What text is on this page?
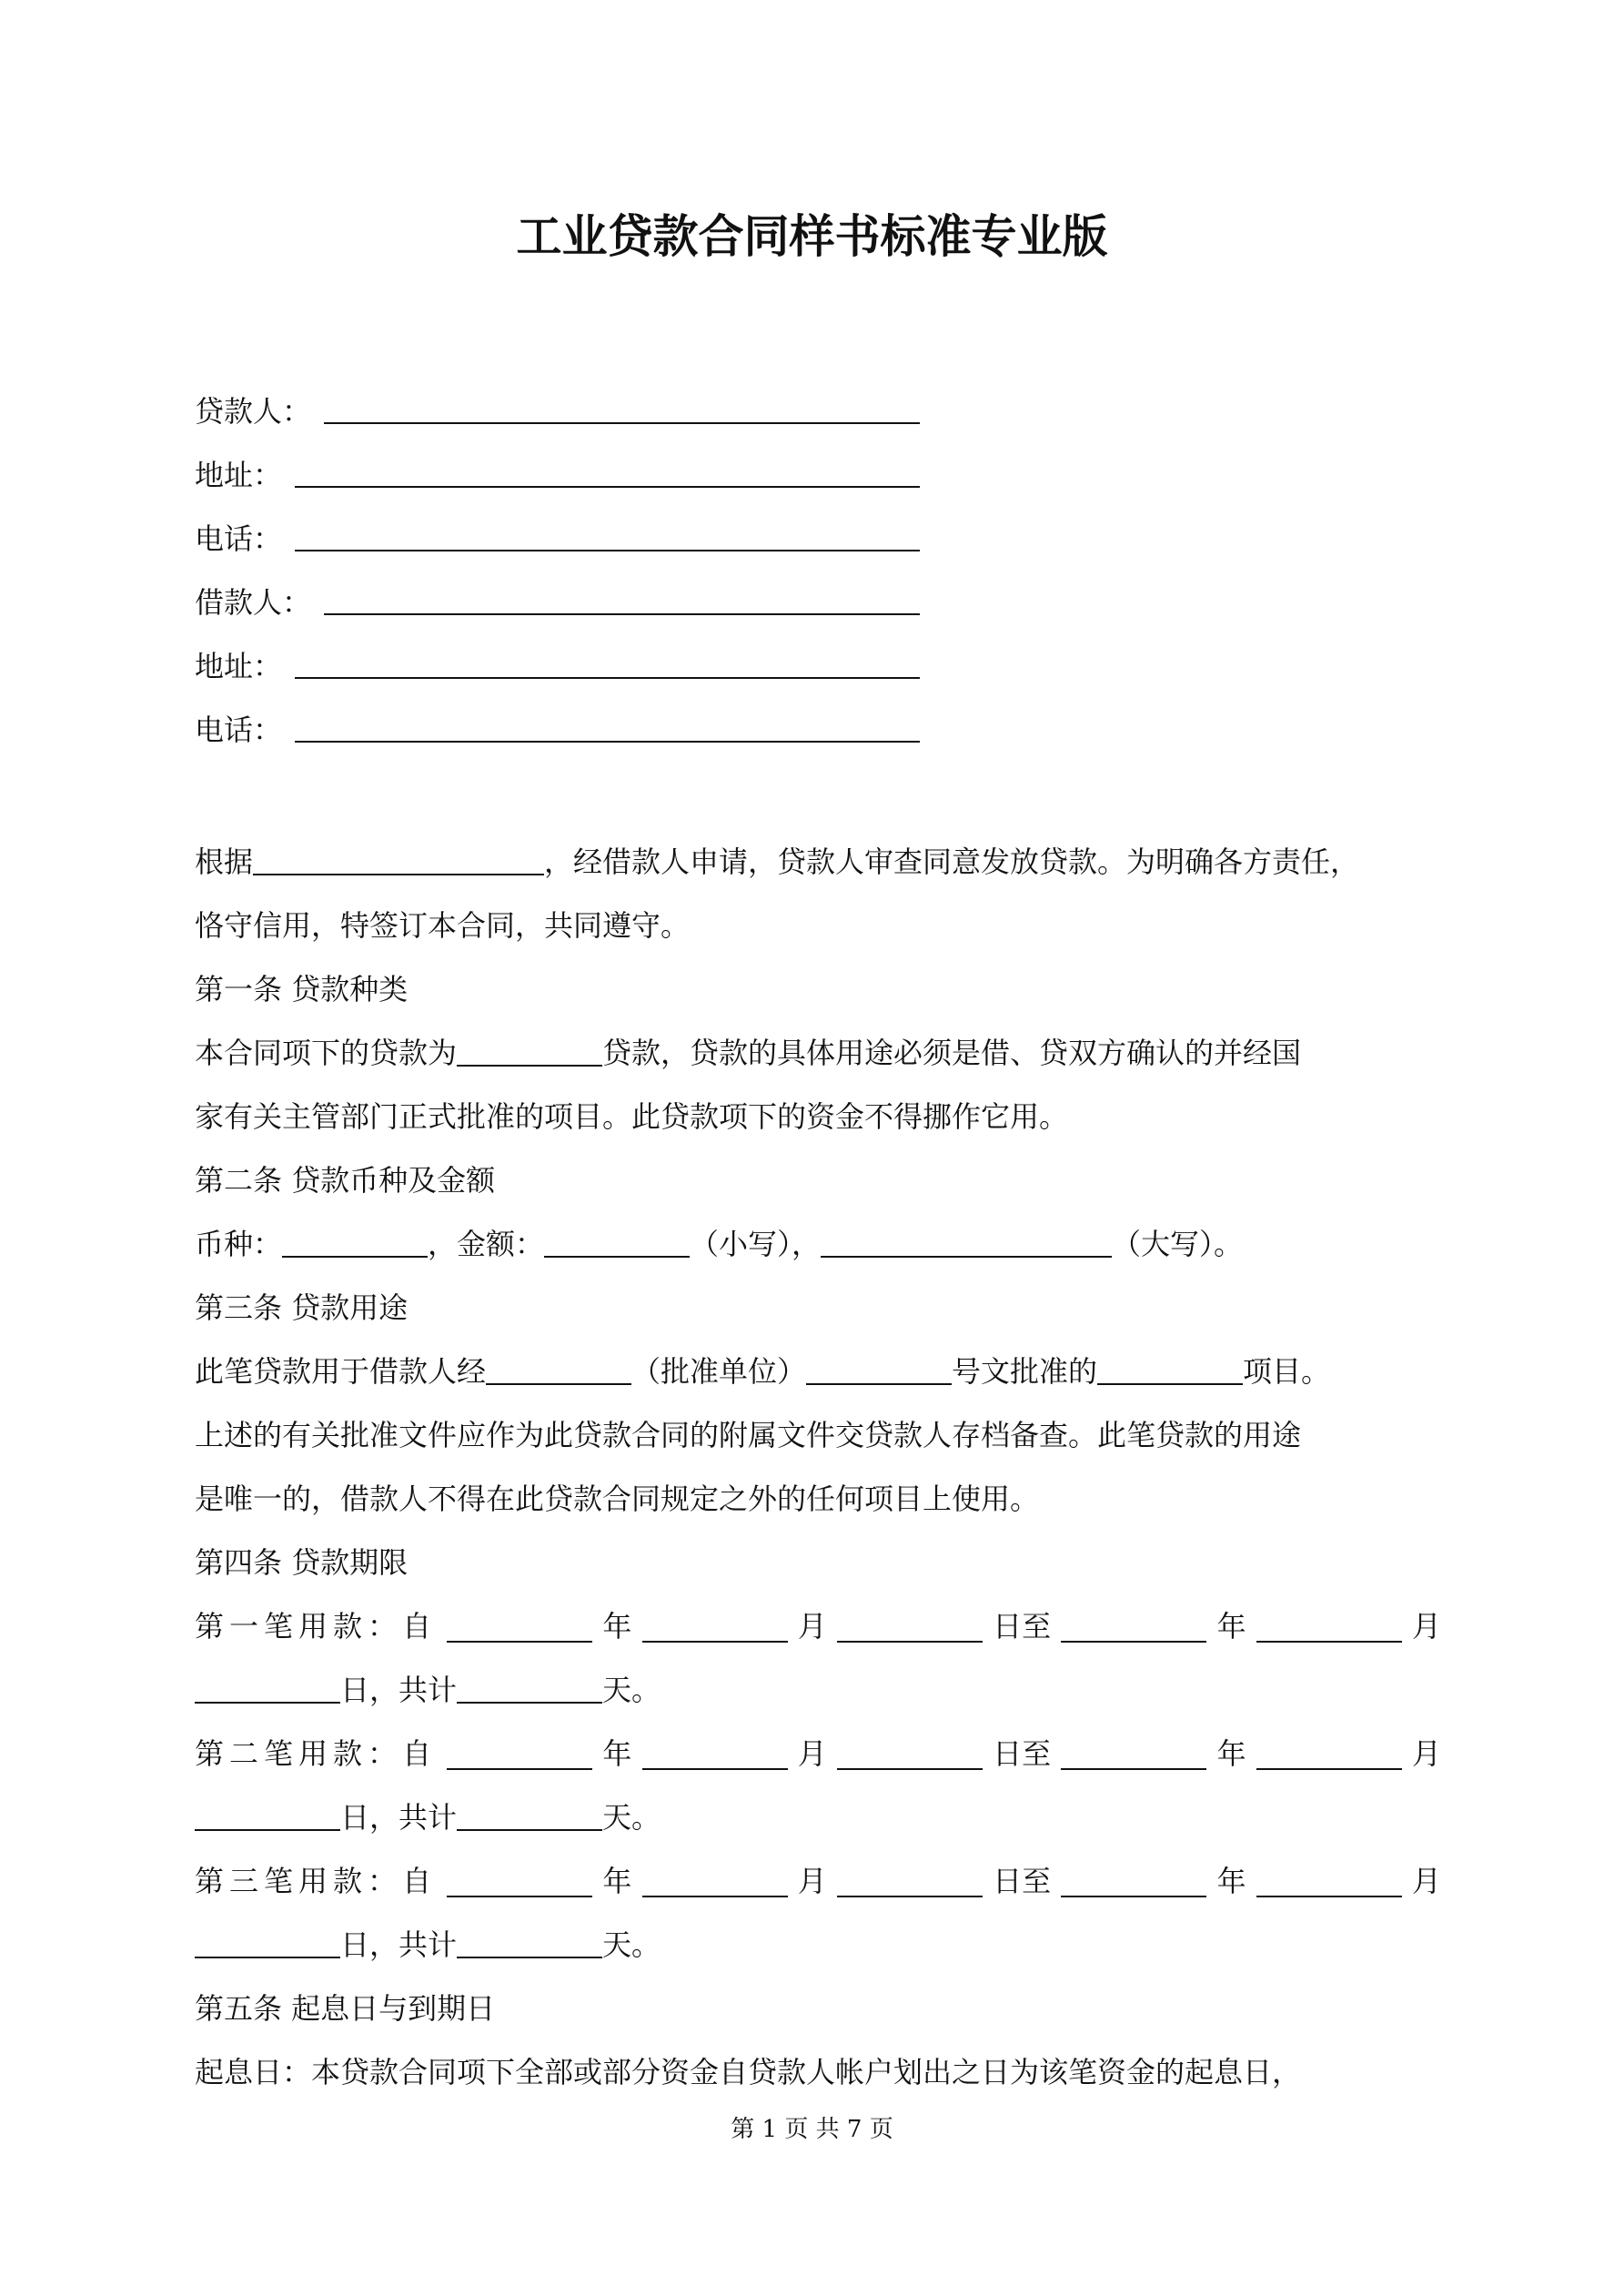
工业贷款合同样书标准专业版
贷款人：
地址：
电话：
借款人：
地址：
电话：
根据	，经借款人申请，贷款人审查同意发放贷款。为明确各方责任，
恪守信用，特签订本合同，共同遵守。
第一条 贷款种类
本合同项下的贷款为	贷款，贷款的具体用途必须是借、贷双方确认的并经国
家有关主管部门正式批准的项目。此贷款项下的资金不得挪作它用。
第二条 贷款币种及金额
币种：	，金额：	（小写），	（大写）。
第三条 贷款用途
此笔贷款用于借款人经	（批准单位）	号文批准的	项目。
上述的有关批准文件应作为此贷款合同的附属文件交贷款人存档备查。此笔贷款的用途
是唯一的，借款人不得在此贷款合同规定之外的任何项目上使用。
第四条 贷款期限
第一笔用款：自	年	月	日至	年	月
日，共计	天。
第二笔用款：自	年	月	日至	年	月
日，共计	天。
第三笔用款：自	年	月	日至	年	月
日，共计	天。
第五条 起息日与到期日
起息日：本贷款合同项下全部或部分资金自贷款人帐户划出之日为该笔资金的起息日，
第 1 页 共 7 页
